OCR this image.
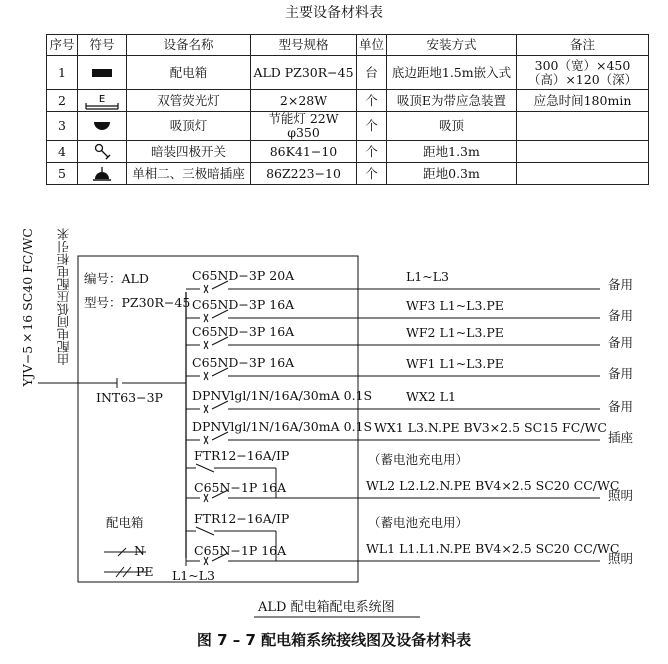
主要设备材料表
序号	符号	设备名称	型号规格	单位	安装方式	备注
1		配电箱	ALD PZ30R−45	台	底边距地1.5m嵌入式	300（宽）×450
（高）×120（深）

2	E	双管荧光灯	2×28W	个	吸顶E为带应急装置	应急时间180min
3		吸顶灯	节能灯 22W φ350	个	吸顶	
4		暗装四极开关	86K41−10	个	距地1.3m	
5		单相二、三极暗插座	86Z223−10	个	距地0.3m	
YJV−5×16 SC40 FC/WC 由配电间低压配电柜引来 编号：ALD
型号：PZ30R−45
INT63−3P
配电箱
N
PE L1~L3
C65ND−3P 20A	L1~L3
备用
C65ND−3P 16A	WF3 L1~L3.PE
备用
C65ND−3P 16A	WF2 L1~L3.PE
备用
C65ND−3P 16A	WF1 L1~L3.PE
备用
DPNVlgl/1N/16A/30mA 0.1S	WX2 L1
备用
DPNVlgl/1N/16A/30mA 0.1S WX1 L3.N.PE BV3×2.5 SC15 FC/WC
插座
FTR12−16A/IP
C65N−1P 16A
（蓄电池充电用）
WL2 L2.L2.N.PE BV4×2.5 SC20 CC/WC
照明
FTR12−16A/IP
C65N−1P 16A
（蓄电池充电用）
WL1 L1.L1.N.PE BV4×2.5 SC20 CC/WC
照明
ALD 配电箱配电系统图
图 7 – 7 配电箱系统接线图及设备材料表
